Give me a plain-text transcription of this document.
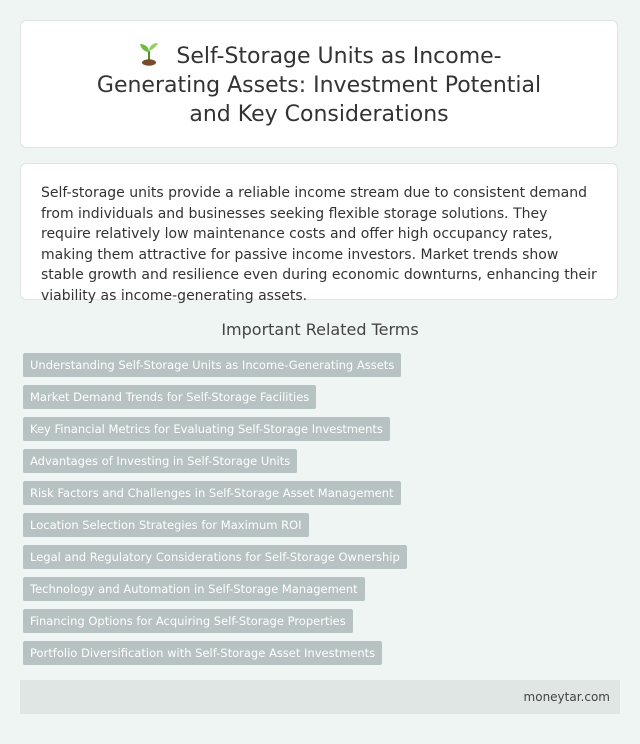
Self-Storage Units as Income-Generating Assets: Investment Potential and Key Considerations

Self-storage units provide a reliable income stream due to consistent demand from individuals and businesses seeking flexible storage solutions. They require relatively low maintenance costs and offer high occupancy rates, making them attractive for passive income investors. Market trends show stable growth and resilience even during economic downturns, enhancing their viability as income-generating assets.

Important Related Terms
Understanding Self-Storage Units as Income-Generating Assets
Market Demand Trends for Self-Storage Facilities
Key Financial Metrics for Evaluating Self-Storage Investments
Advantages of Investing in Self-Storage Units
Risk Factors and Challenges in Self-Storage Asset Management
Location Selection Strategies for Maximum ROI
Legal and Regulatory Considerations for Self-Storage Ownership
Technology and Automation in Self-Storage Management
Financing Options for Acquiring Self-Storage Properties
Portfolio Diversification with Self-Storage Asset Investments
moneytar.com
